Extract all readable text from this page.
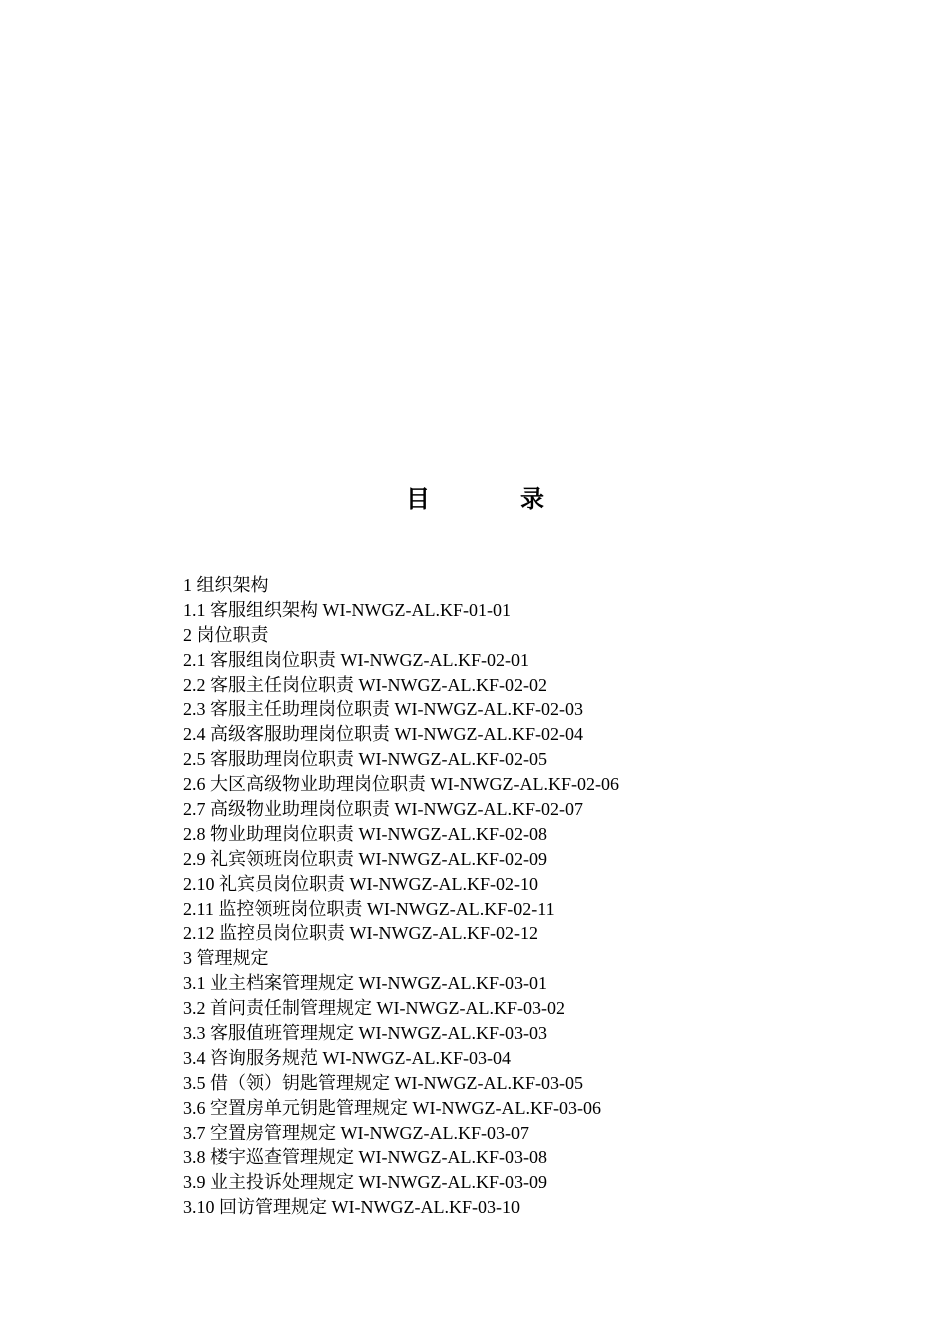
目	录
1 组织架构
1.1 客服组织架构 WI-NWGZ-AL.KF-01-01
2 岗位职责
2.1 客服组岗位职责 WI-NWGZ-AL.KF-02-01
2.2 客服主任岗位职责 WI-NWGZ-AL.KF-02-02
2.3 客服主任助理岗位职责 WI-NWGZ-AL.KF-02-03
2.4 高级客服助理岗位职责 WI-NWGZ-AL.KF-02-04
2.5 客服助理岗位职责 WI-NWGZ-AL.KF-02-05
2.6 大区高级物业助理岗位职责 WI-NWGZ-AL.KF-02-06
2.7 高级物业助理岗位职责 WI-NWGZ-AL.KF-02-07
2.8 物业助理岗位职责 WI-NWGZ-AL.KF-02-08
2.9 礼宾领班岗位职责 WI-NWGZ-AL.KF-02-09
2.10 礼宾员岗位职责 WI-NWGZ-AL.KF-02-10
2.11 监控领班岗位职责 WI-NWGZ-AL.KF-02-11
2.12 监控员岗位职责 WI-NWGZ-AL.KF-02-12
3 管理规定
3.1 业主档案管理规定 WI-NWGZ-AL.KF-03-01
3.2 首问责任制管理规定 WI-NWGZ-AL.KF-03-02
3.3 客服值班管理规定 WI-NWGZ-AL.KF-03-03
3.4 咨询服务规范 WI-NWGZ-AL.KF-03-04
3.5 借（领）钥匙管理规定 WI-NWGZ-AL.KF-03-05
3.6 空置房单元钥匙管理规定 WI-NWGZ-AL.KF-03-06
3.7 空置房管理规定 WI-NWGZ-AL.KF-03-07
3.8 楼宇巡查管理规定 WI-NWGZ-AL.KF-03-08
3.9 业主投诉处理规定 WI-NWGZ-AL.KF-03-09
3.10 回访管理规定 WI-NWGZ-AL.KF-03-10
